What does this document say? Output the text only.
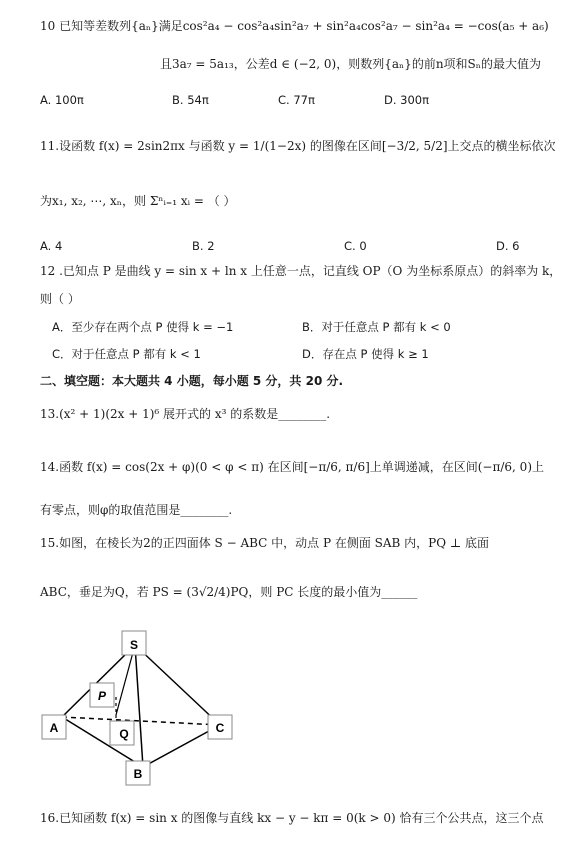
10 已知等差数列{aₙ}满足cos²a₄ − cos²a₄sin²a₇ + sin²a₄cos²a₇ − sin²a₄ = −cos(a₅ + a₆)
且3a₇ = 5a₁₃，公差d ∈ (−2, 0)，则数列{aₙ}的前n项和Sₙ的最大值为
A. 100π	B. 54π	C. 77π	D. 300π
11.设函数 f(x) = 2sin2πx 与函数 y = 1/(1−2x) 的图像在区间[−3/2, 5/2]上交点的横坐标依次
为x₁, x₂, ⋯, xₙ，则 Σⁿᵢ₌₁ xᵢ = （ ）
A. 4	B. 2	C. 0	D. 6
12 .已知点 P 是曲线 y = sin x + ln x 上任意一点，记直线 OP（O 为坐标系原点）的斜率为 k，
则（ ）
A．至少存在两个点 P 使得 k = −1	B．对于任意点 P 都有 k < 0
C．对于任意点 P 都有 k < 1	D．存在点 P 使得 k ≥ 1
二、填空题：本大题共 4 小题，每小题 5 分，共 20 分.
13.(x² + 1)(2x + 1)⁶ 展开式的 x³ 的系数是________.
14.函数 f(x) = cos(2x + φ)(0 < φ < π) 在区间[−π/6, π/6]上单调递减，在区间(−π/6, 0)上
有零点，则φ的取值范围是________.
15.如图，在棱长为2的正四面体 S − ABC 中，动点 P 在侧面 SAB 内，PQ ⊥ 底面
ABC，垂足为Q，若 PS = (3√2/4)PQ，则 PC 长度的最小值为______
S
P
A	Q	C
B
16.已知函数 f(x) = sin x 的图像与直线 kx − y − kπ = 0(k > 0) 恰有三个公共点，这三个点
